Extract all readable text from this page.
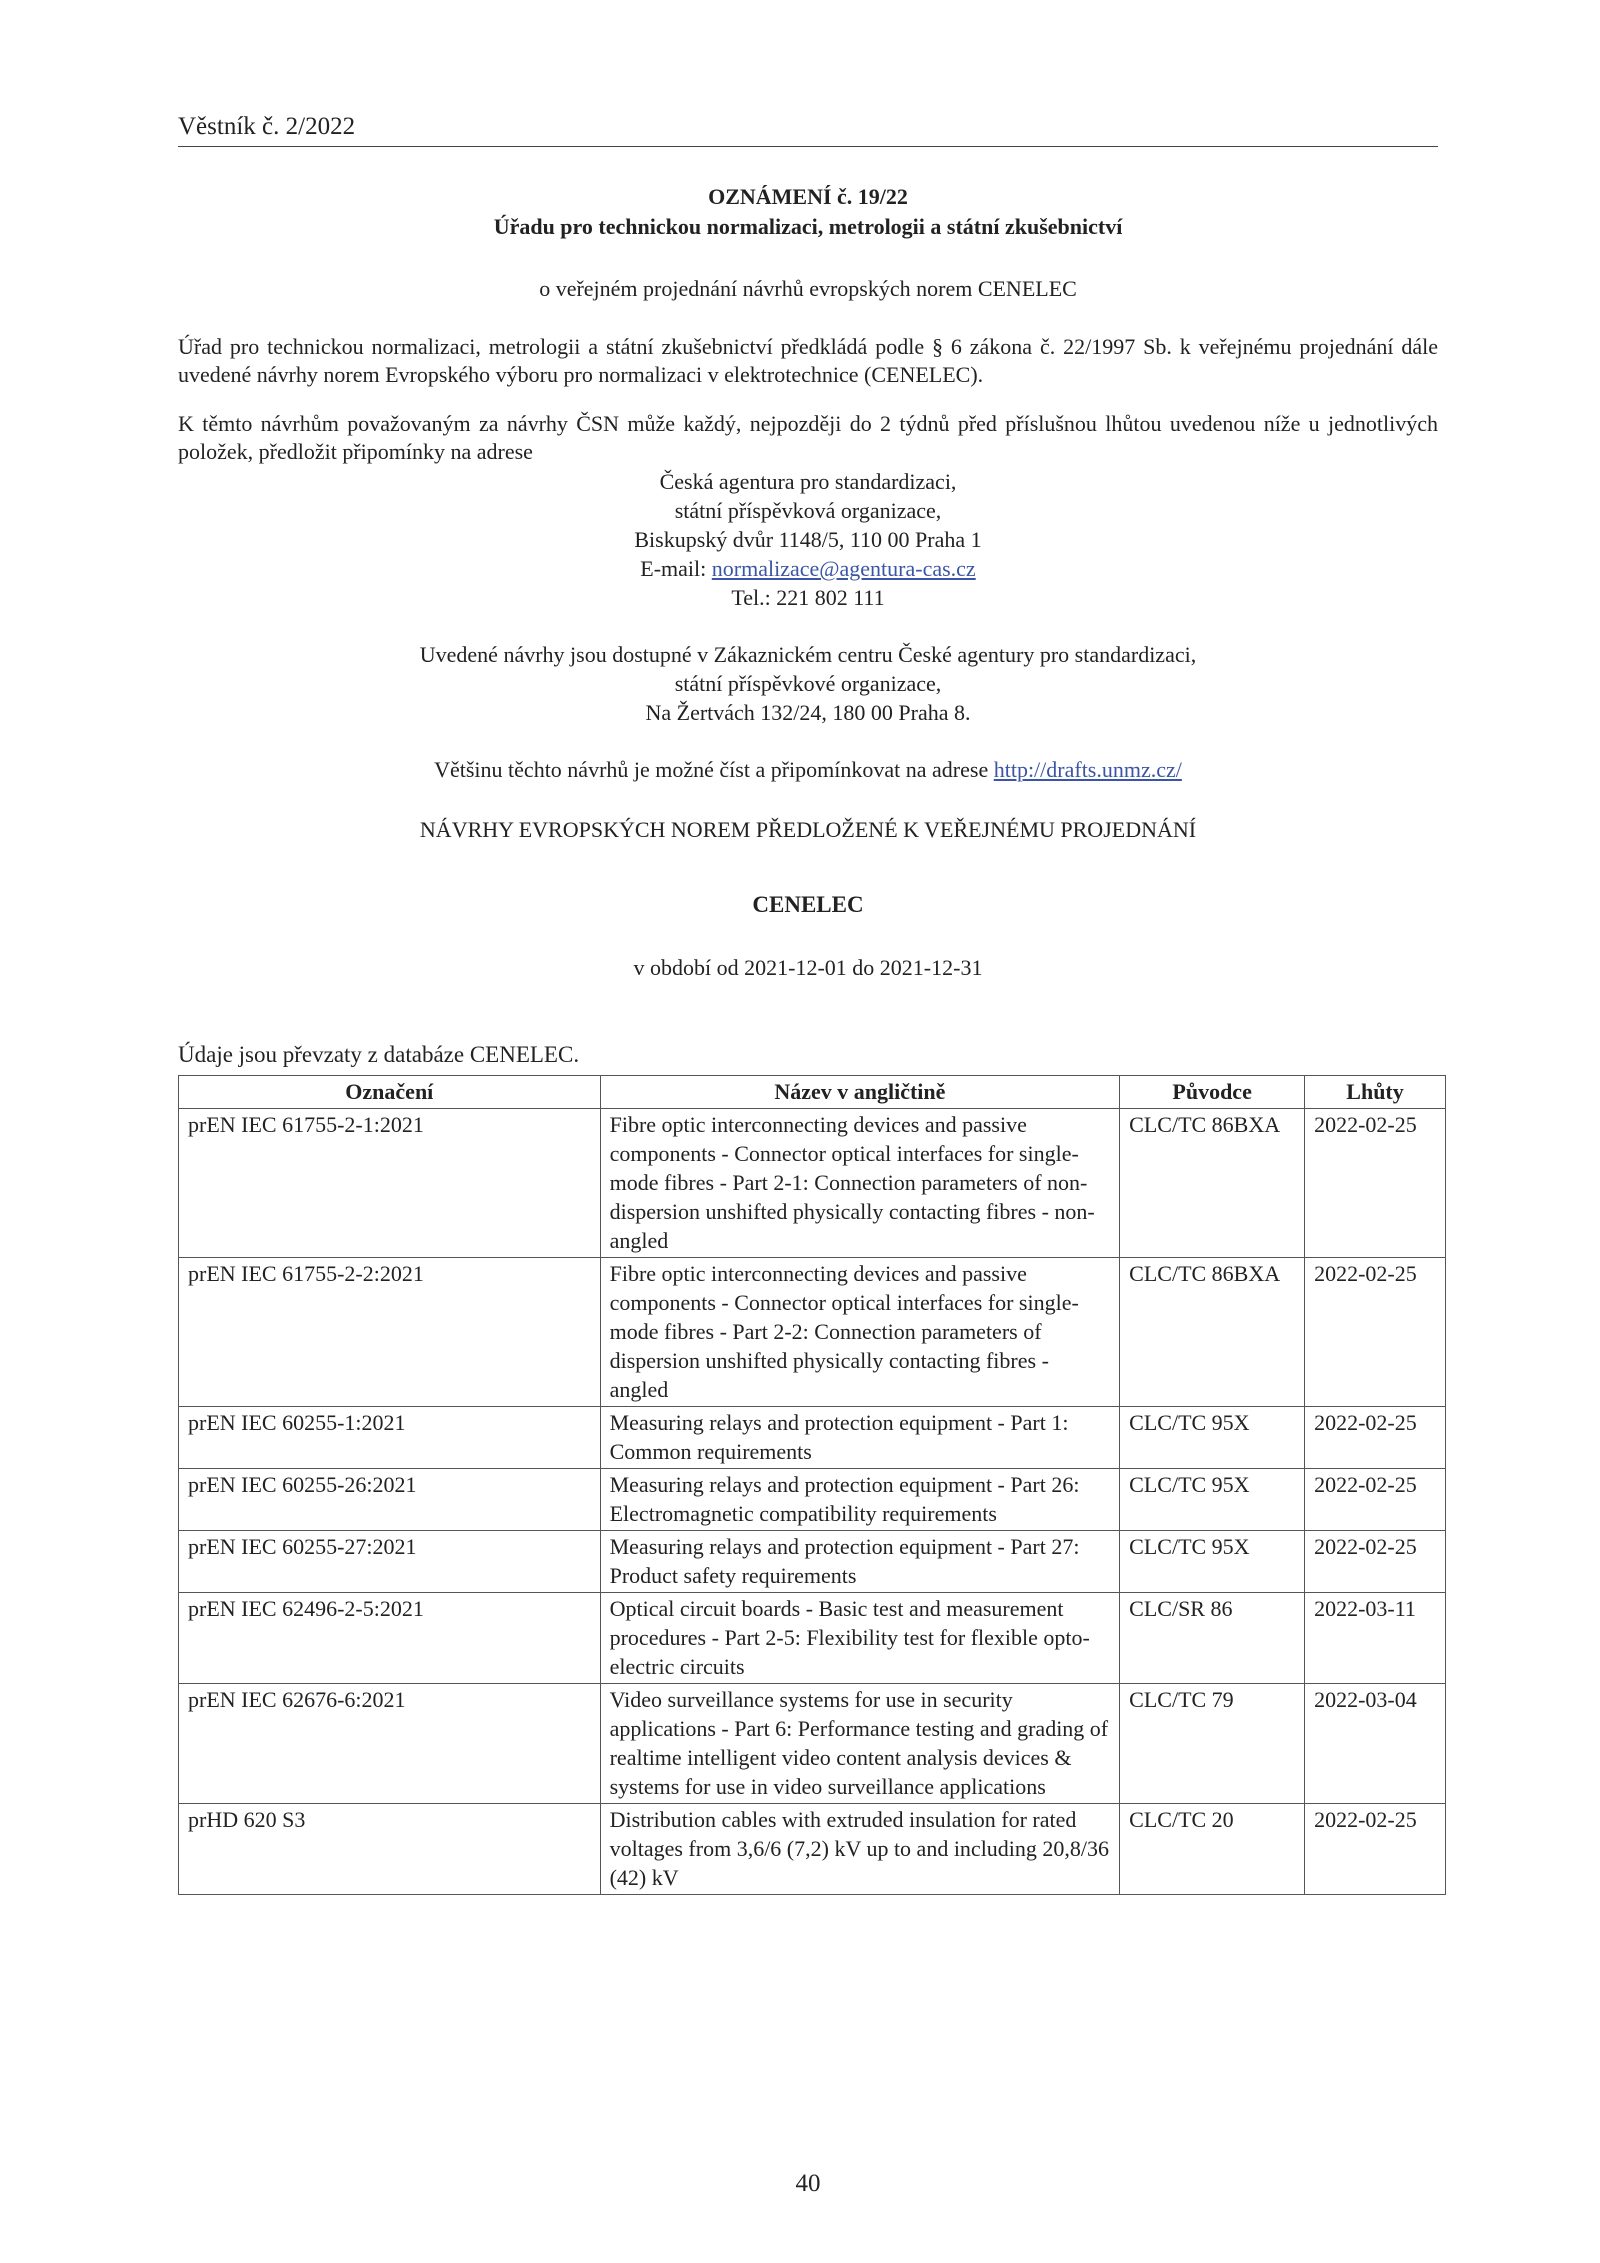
Věstník č. 2/2022
OZNÁMENÍ č. 19/22
Úřadu pro technickou normalizaci, metrologii a státní zkušebnictví
o veřejném projednání návrhů evropských norem CENELEC
Úřad pro technickou normalizaci, metrologii a státní zkušebnictví předkládá podle § 6 zákona č. 22/1997 Sb. k veřejnému projednání dále uvedené návrhy norem Evropského výboru pro normalizaci v elektrotechnice (CENELEC).
K těmto návrhům považovaným za návrhy ČSN může každý, nejpozději do 2 týdnů před příslušnou lhůtou uvedenou níže u jednotlivých položek, předložit připomínky na adrese
Česká agentura pro standardizaci,
státní příspěvková organizace,
Biskupský dvůr 1148/5, 110 00 Praha 1
E-mail: normalizace@agentura-cas.cz
Tel.: 221 802 111
Uvedené návrhy jsou dostupné v Zákaznickém centru České agentury pro standardizaci,
státní příspěvkové organizace,
Na Žertvách 132/24, 180 00 Praha 8.
Většinu těchto návrhů je možné číst a připomínkovat na adrese http://drafts.unmz.cz/
NÁVRHY EVROPSKÝCH NOREM PŘEDLOŽENÉ K VEŘEJNÉMU PROJEDNÁNÍ
CENELEC
v období od 2021-12-01 do 2021-12-31
Údaje jsou převzaty z databáze CENELEC.
Označení	Název v angličtině	Původce	Lhůty
prEN IEC 61755-2-1:2021	Fibre optic interconnecting devices and passive components - Connector optical interfaces for single-mode fibres - Part 2-1: Connection parameters of non-dispersion unshifted physically contacting fibres - non-angled	CLC/TC 86BXA	2022-02-25
prEN IEC 61755-2-2:2021	Fibre optic interconnecting devices and passive components - Connector optical interfaces for single-mode fibres - Part 2-2: Connection parameters of dispersion unshifted physically contacting fibres - angled	CLC/TC 86BXA	2022-02-25
prEN IEC 60255-1:2021	Measuring relays and protection equipment - Part 1: Common requirements	CLC/TC 95X	2022-02-25
prEN IEC 60255-26:2021	Measuring relays and protection equipment - Part 26: Electromagnetic compatibility requirements	CLC/TC 95X	2022-02-25
prEN IEC 60255-27:2021	Measuring relays and protection equipment - Part 27: Product safety requirements	CLC/TC 95X	2022-02-25
prEN IEC 62496-2-5:2021	Optical circuit boards - Basic test and measurement procedures - Part 2-5: Flexibility test for flexible opto-electric circuits	CLC/SR 86	2022-03-11
prEN IEC 62676-6:2021	Video surveillance systems for use in security applications - Part 6: Performance testing and grading of realtime intelligent video content analysis devices & systems for use in video surveillance applications	CLC/TC 79	2022-03-04
prHD 620 S3	Distribution cables with extruded insulation for rated voltages from 3,6/6 (7,2) kV up to and including 20,8/36 (42) kV	CLC/TC 20	2022-02-25
40
